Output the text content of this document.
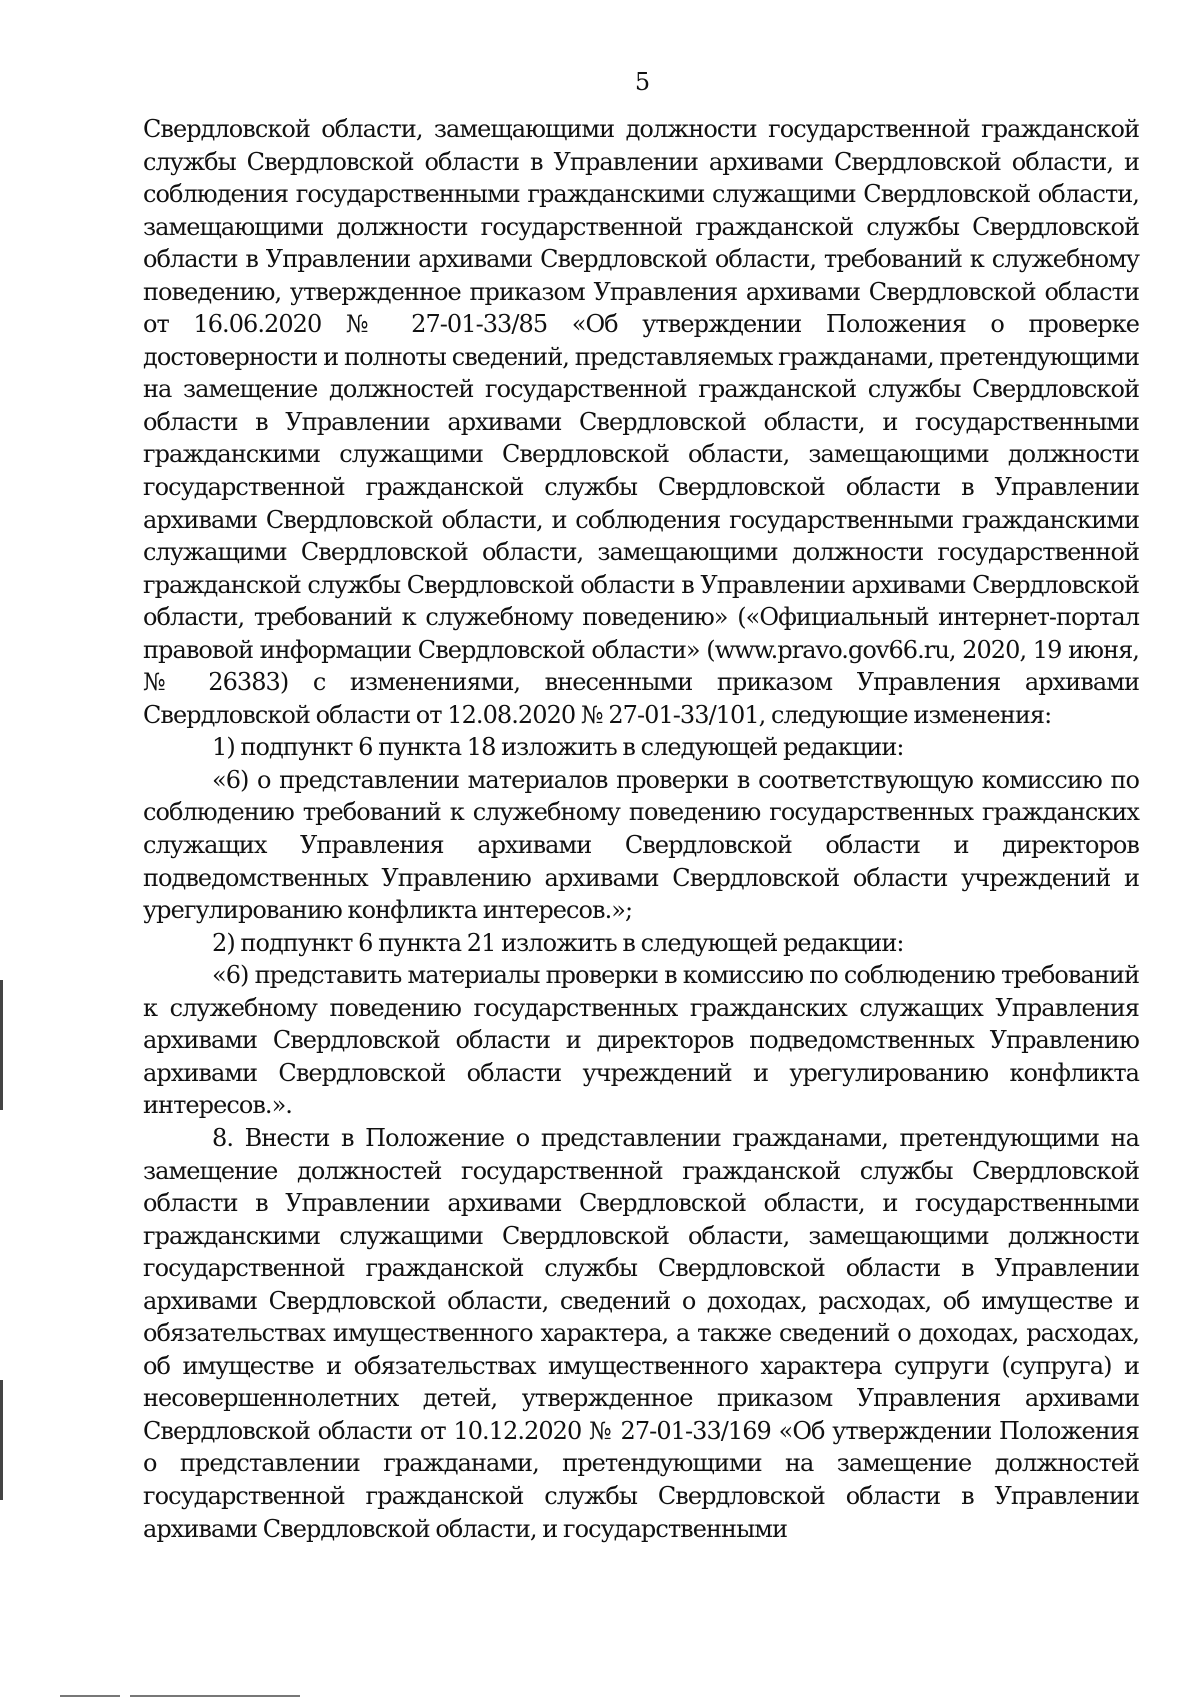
5

Свердловской области, замещающими должности государственной гражданской службы Свердловской области в Управлении архивами Свердловской области, и соблюдения государственными гражданскими служащими Свердловской области, замещающими должности государственной гражданской службы Свердловской области в Управлении архивами Свердловской области, требований к служебному поведению, утвержденное приказом Управления архивами Свердловской области от 16.06.2020 № 27-01-33/85 «Об утверждении Положения о проверке достоверности и полноты сведений, представляемых гражданами, претендующими на замещение должностей государственной гражданской службы Свердловской области в Управлении архивами Свердловской области, и государственными гражданскими служащими Свердловской области, замещающими должности государственной гражданской службы Свердловской области в Управлении архивами Свердловской области, и соблюдения государственными гражданскими служащими Свердловской области, замещающими должности государственной гражданской службы Свердловской области в Управлении архивами Свердловской области, требований к служебному поведению» («Официальный интернет-портал правовой информации Свердловской области» (www.pravo.gov66.ru, 2020, 19 июня, № 26383) с изменениями, внесенными приказом Управления архивами Свердловской области от 12.08.2020 № 27-01-33/101, следующие изменения:

1) подпункт 6 пункта 18 изложить в следующей редакции:

«6) о представлении материалов проверки в соответствующую комиссию по соблюдению требований к служебному поведению государственных гражданских служащих Управления архивами Свердловской области и директоров подведомственных Управлению архивами Свердловской области учреждений и урегулированию конфликта интересов.»;

2) подпункт 6 пункта 21 изложить в следующей редакции:

«6) представить материалы проверки в комиссию по соблюдению требований к служебному поведению государственных гражданских служащих Управления архивами Свердловской области и директоров подведомственных Управлению архивами Свердловской области учреждений и урегулированию конфликта интересов.».

8. Внести в Положение о представлении гражданами, претендующими на замещение должностей государственной гражданской службы Свердловской области в Управлении архивами Свердловской области, и государственными гражданскими служащими Свердловской области, замещающими должности государственной гражданской службы Свердловской области в Управлении архивами Свердловской области, сведений о доходах, расходах, об имуществе и обязательствах имущественного характера, а также сведений о доходах, расходах, об имуществе и обязательствах имущественного характера супруги (супруга) и несовершеннолетних детей, утвержденное приказом Управления архивами Свердловской области от 10.12.2020 № 27-01-33/169 «Об утверждении Положения о представлении гражданами, претендующими на замещение должностей государственной гражданской службы Свердловской области в Управлении архивами Свердловской области, и государственными
